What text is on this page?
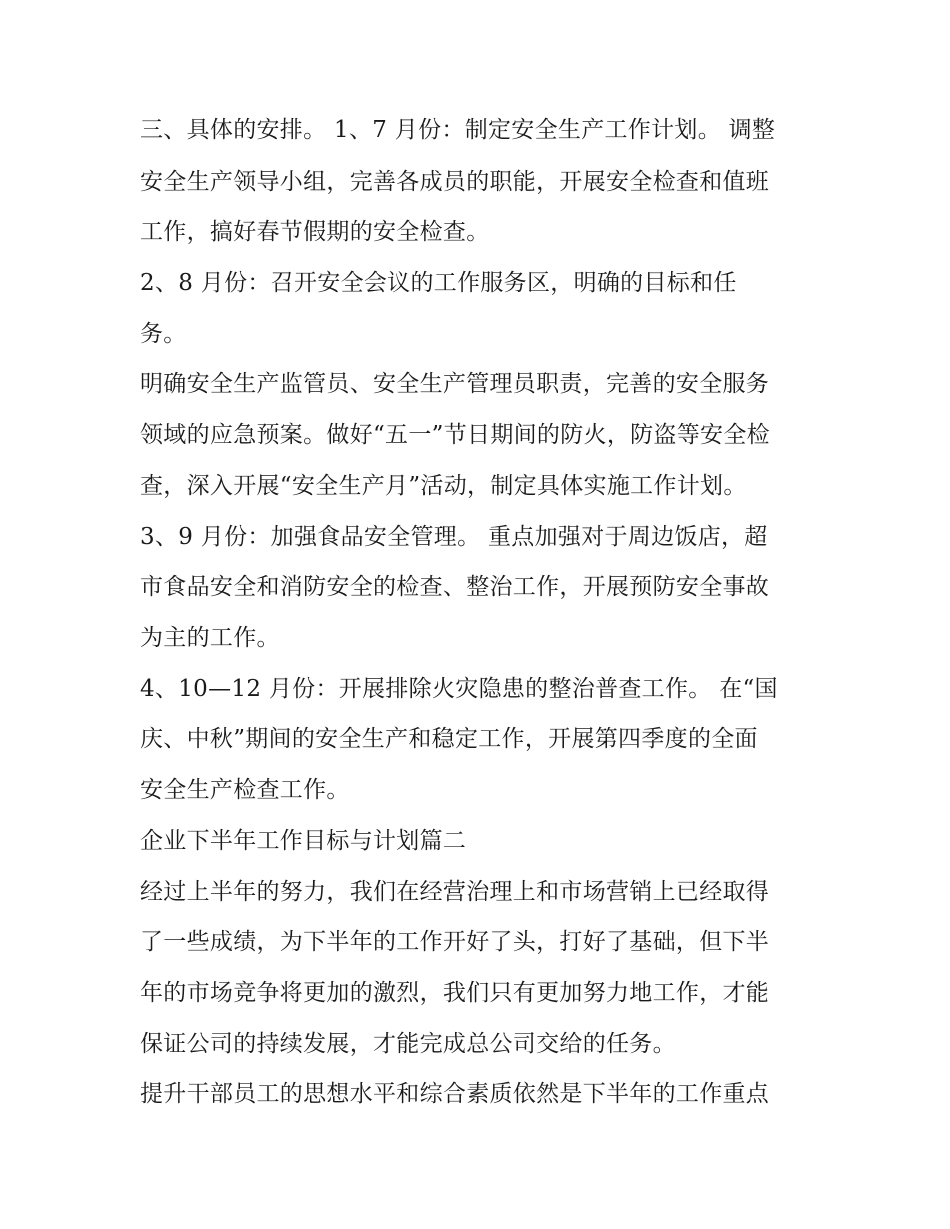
三、具体的安排。 1、7 月份：制定安全生产工作计划。 调整
安全生产领导小组，完善各成员的职能，开展安全检查和值班
工作，搞好春节假期的安全检查。
2、8 月份：召开安全会议的工作服务区，明确的目标和任
务。
明确安全生产监管员、安全生产管理员职责，完善的安全服务
领域的应急预案。做好“五一”节日期间的防火，防盗等安全检
查，深入开展“安全生产月”活动，制定具体实施工作计划。
3、9 月份：加强食品安全管理。 重点加强对于周边饭店，超
市食品安全和消防安全的检查、整治工作，开展预防安全事故
为主的工作。
4、10—12 月份：开展排除火灾隐患的整治普查工作。 在“国
庆、中秋”期间的安全生产和稳定工作，开展第四季度的全面
安全生产检查工作。
企业下半年工作目标与计划篇二
经过上半年的努力，我们在经营治理上和市场营销上已经取得
了一些成绩，为下半年的工作开好了头，打好了基础，但下半
年的市场竞争将更加的激烈，我们只有更加努力地工作，才能
保证公司的持续发展，才能完成总公司交给的任务。
提升干部员工的思想水平和综合素质依然是下半年的工作重点
